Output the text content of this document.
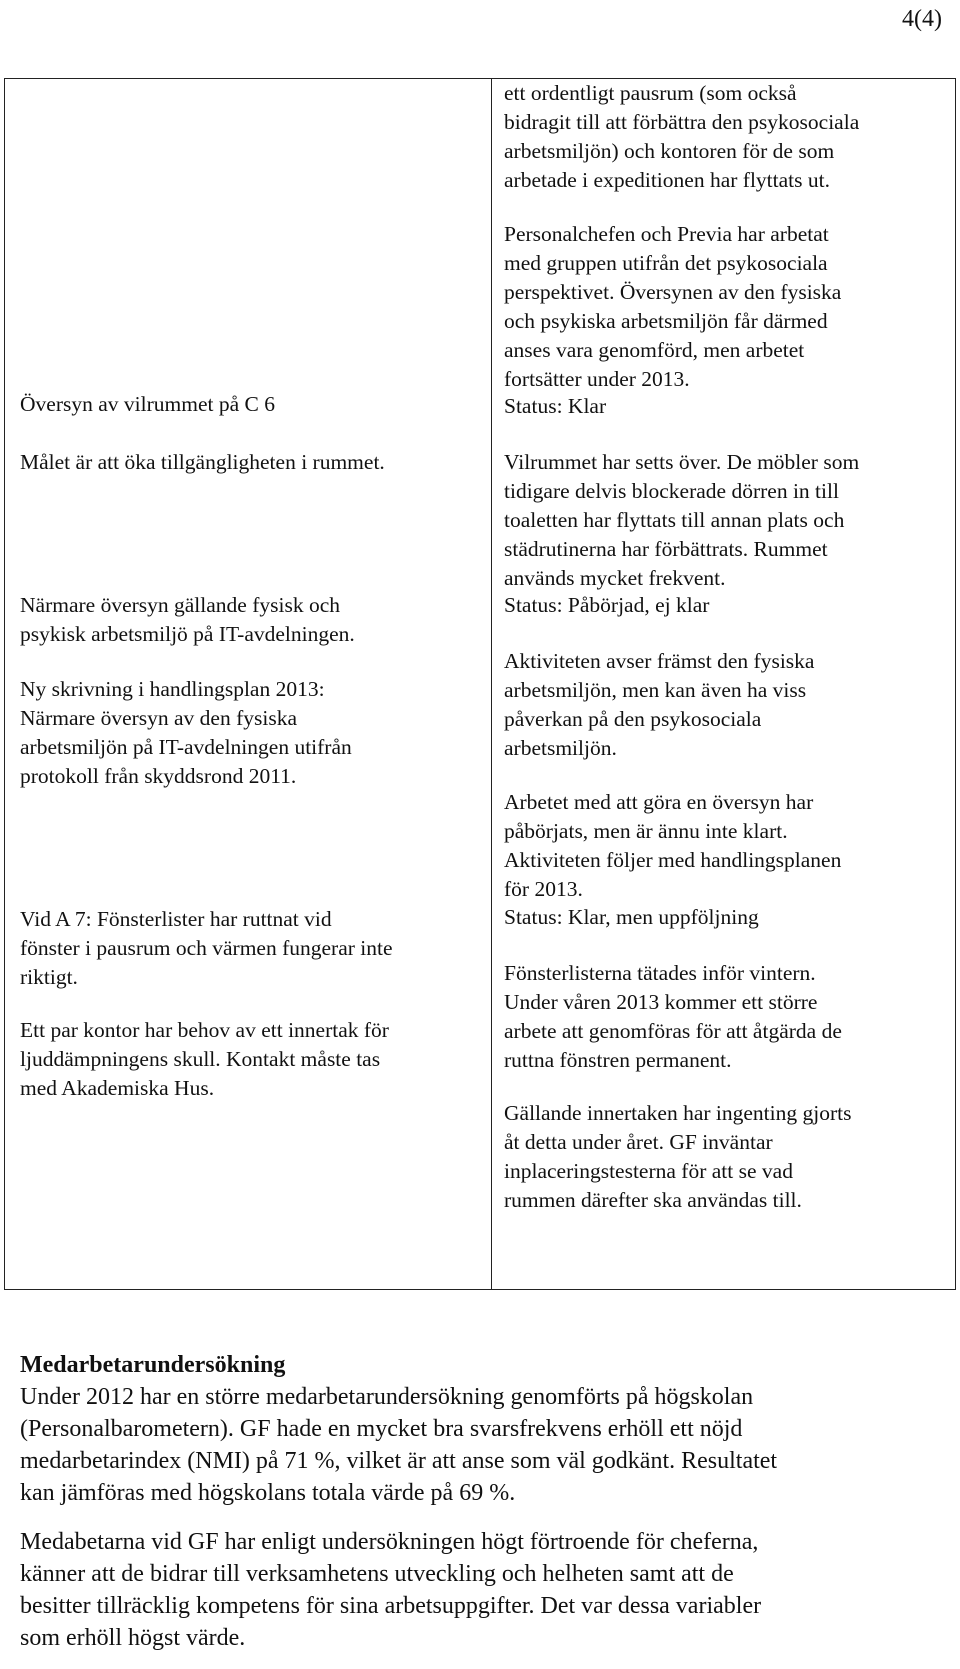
4(4)

Översyn av vilrummet på C 6

Målet är att öka tillgängligheten i rummet.

Närmare översyn gällande fysisk och
psykisk arbetsmiljö på IT-avdelningen.

Ny skrivning i handlingsplan 2013:
Närmare översyn av den fysiska
arbetsmiljön på IT-avdelningen utifrån
protokoll från skyddsrond 2011.

Vid A 7: Fönsterlister har ruttnat vid
fönster i pausrum och värmen fungerar inte
riktigt.

Ett par kontor har behov av ett innertak för
ljuddämpningens skull. Kontakt måste tas
med Akademiska Hus.

ett ordentligt pausrum (som också
bidragit till att förbättra den psykosociala
arbetsmiljön) och kontoren för de som
arbetade i expeditionen har flyttats ut.

Personalchefen och Previa har arbetat
med gruppen utifrån det psykosociala
perspektivet. Översynen av den fysiska
och psykiska arbetsmiljön får därmed
anses vara genomförd, men arbetet
fortsätter under 2013.

Status: Klar

Vilrummet har setts över. De möbler som
tidigare delvis blockerade dörren in till
toaletten har flyttats till annan plats och
städrutinerna har förbättrats. Rummet
används mycket frekvent.

Status: Påbörjad, ej klar

Aktiviteten avser främst den fysiska
arbetsmiljön, men kan även ha viss
påverkan på den psykosociala
arbetsmiljön.

Arbetet med att göra en översyn har
påbörjats, men är ännu inte klart.
Aktiviteten följer med handlingsplanen
för 2013.

Status: Klar, men uppföljning

Fönsterlisterna tätades inför vintern.
Under våren 2013 kommer ett större
arbete att genomföras för att åtgärda de
ruttna fönstren permanent.

Gällande innertaken har ingenting gjorts
åt detta under året. GF inväntar
inplaceringstesterna för att se vad
rummen därefter ska användas till.

Medarbetarundersökning

Under 2012 har en större medarbetarundersökning genomförts på högskolan
(Personalbarometern). GF hade en mycket bra svarsfrekvens erhöll ett nöjd
medarbetarindex (NMI) på 71 %, vilket är att anse som väl godkänt. Resultatet
kan jämföras med högskolans totala värde på 69 %.

Medabetarna vid GF har enligt undersökningen högt förtroende för cheferna,
känner att de bidrar till verksamhetens utveckling och helheten samt att de
besitter tillräcklig kompetens för sina arbetsuppgifter. Det var dessa variabler
som erhöll högst värde.
